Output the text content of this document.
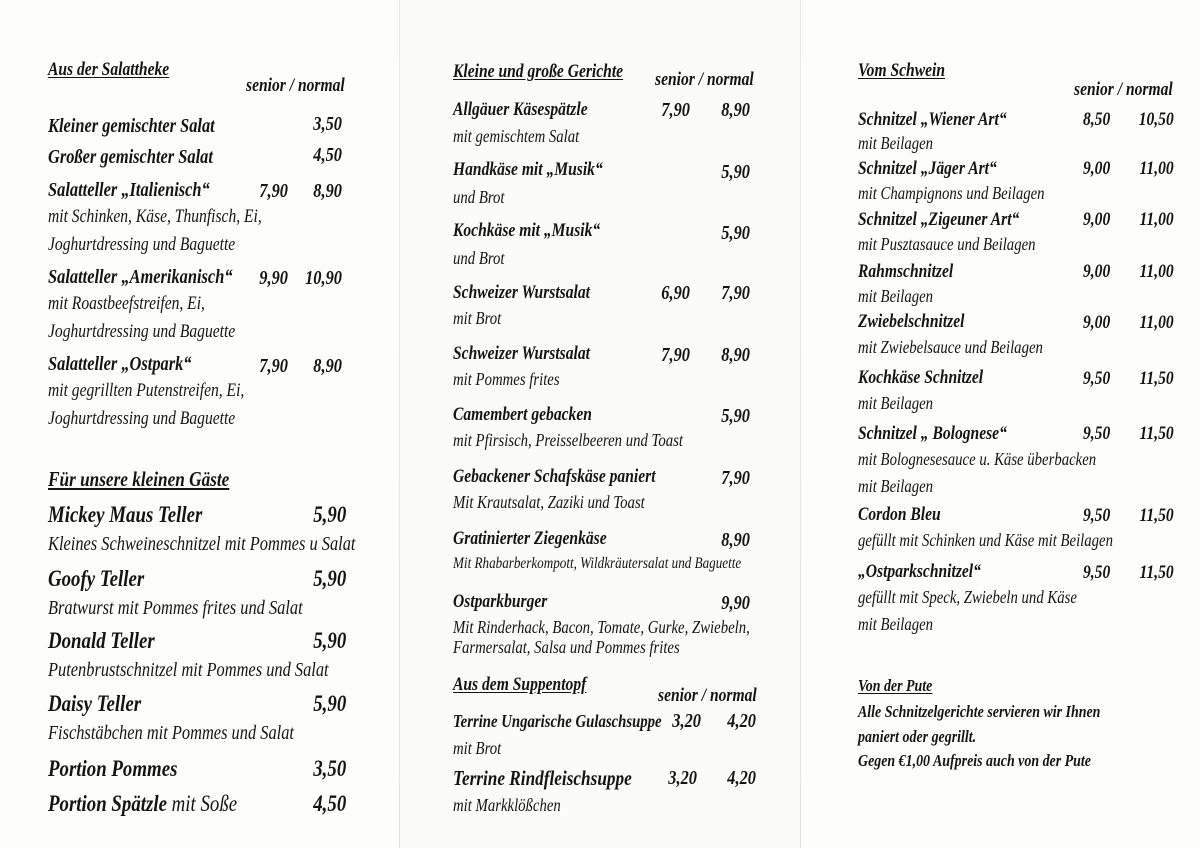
Aus der Salattheke
senior / normal
Kleiner gemischter Salat	3,50
Großer gemischter Salat	4,50
Salatteller „Italienisch“ 7,90 8,90
mit Schinken, Käse, Thunfisch, Ei,
Joghurtdressing und Baguette
Salatteller „Amerikanisch“ 9,90 10,90
mit Roastbeefstreifen, Ei,
Joghurtdressing und Baguette
Salatteller „Ostpark“	7,90 8,90
mit gegrillten Putenstreifen, Ei,
Joghurtdressing und Baguette
Für unsere kleinen Gäste
Mickey Maus Teller	5,90
Kleines Schweineschnitzel mit Pommes u Salat
Goofy Teller	5,90
Bratwurst mit Pommes frites und Salat
Donald Teller	5,90
Putenbrustschnitzel mit Pommes und Salat
Daisy Teller	5,90
Fischstäbchen mit Pommes und Salat
Portion Pommes	3,50
Portion Spätzle mit Soße	4,50
Kleine und große Gerichte senior / normal
Allgäuer Käsespätzle	7,90 8,90
mit gemischtem Salat
Handkäse mit „Musik“	5,90
und Brot
Kochkäse mit „Musik“	5,90
und Brot
Schweizer Wurstsalat	6,90 7,90
mit Brot
Schweizer Wurstsalat	7,90 8,90
mit Pommes frites
Camembert gebacken	5,90
mit Pfirsisch, Preisselbeeren und Toast
Gebackener Schafskäse paniert	7,90
Mit Krautsalat, Zaziki und Toast
Gratinierter Ziegenkäse	8,90
Mit Rhabarberkompott, Wildkräutersalat und Baguette
Ostparkburger	9,90
Mit Rinderhack, Bacon, Tomate, Gurke, Zwiebeln,
Farmersalat, Salsa und Pommes frites
Aus dem Suppentopf
senior / normal
Terrine Ungarische Gulaschsuppe 3,20 4,20
mit Brot
Terrine Rindfleischsuppe 3,20 4,20
mit Markklößchen
Vom Schwein
senior / normal
Schnitzel „Wiener Art“	8,50 10,50
mit Beilagen
Schnitzel „Jäger Art“	9,00 11,00
mit Champignons und Beilagen
Schnitzel „Zigeuner Art“	9,00 11,00
mit Pusztasauce und Beilagen
Rahmschnitzel	9,00 11,00
mit Beilagen
Zwiebelschnitzel	9,00 11,00
mit Zwiebelsauce und Beilagen
Kochkäse Schnitzel	9,50 11,50
mit Beilagen
Schnitzel „ Bolognese“	9,50 11,50
mit Bolognesesauce u. Käse überbacken
mit Beilagen
Cordon Bleu	9,50 11,50
gefüllt mit Schinken und Käse mit Beilagen
„Ostparkschnitzel“	9,50 11,50
gefüllt mit Speck, Zwiebeln und Käse
mit Beilagen
Von der Pute
Alle Schnitzelgerichte servieren wir Ihnen
paniert oder gegrillt.
Gegen €1,00 Aufpreis auch von der Pute
